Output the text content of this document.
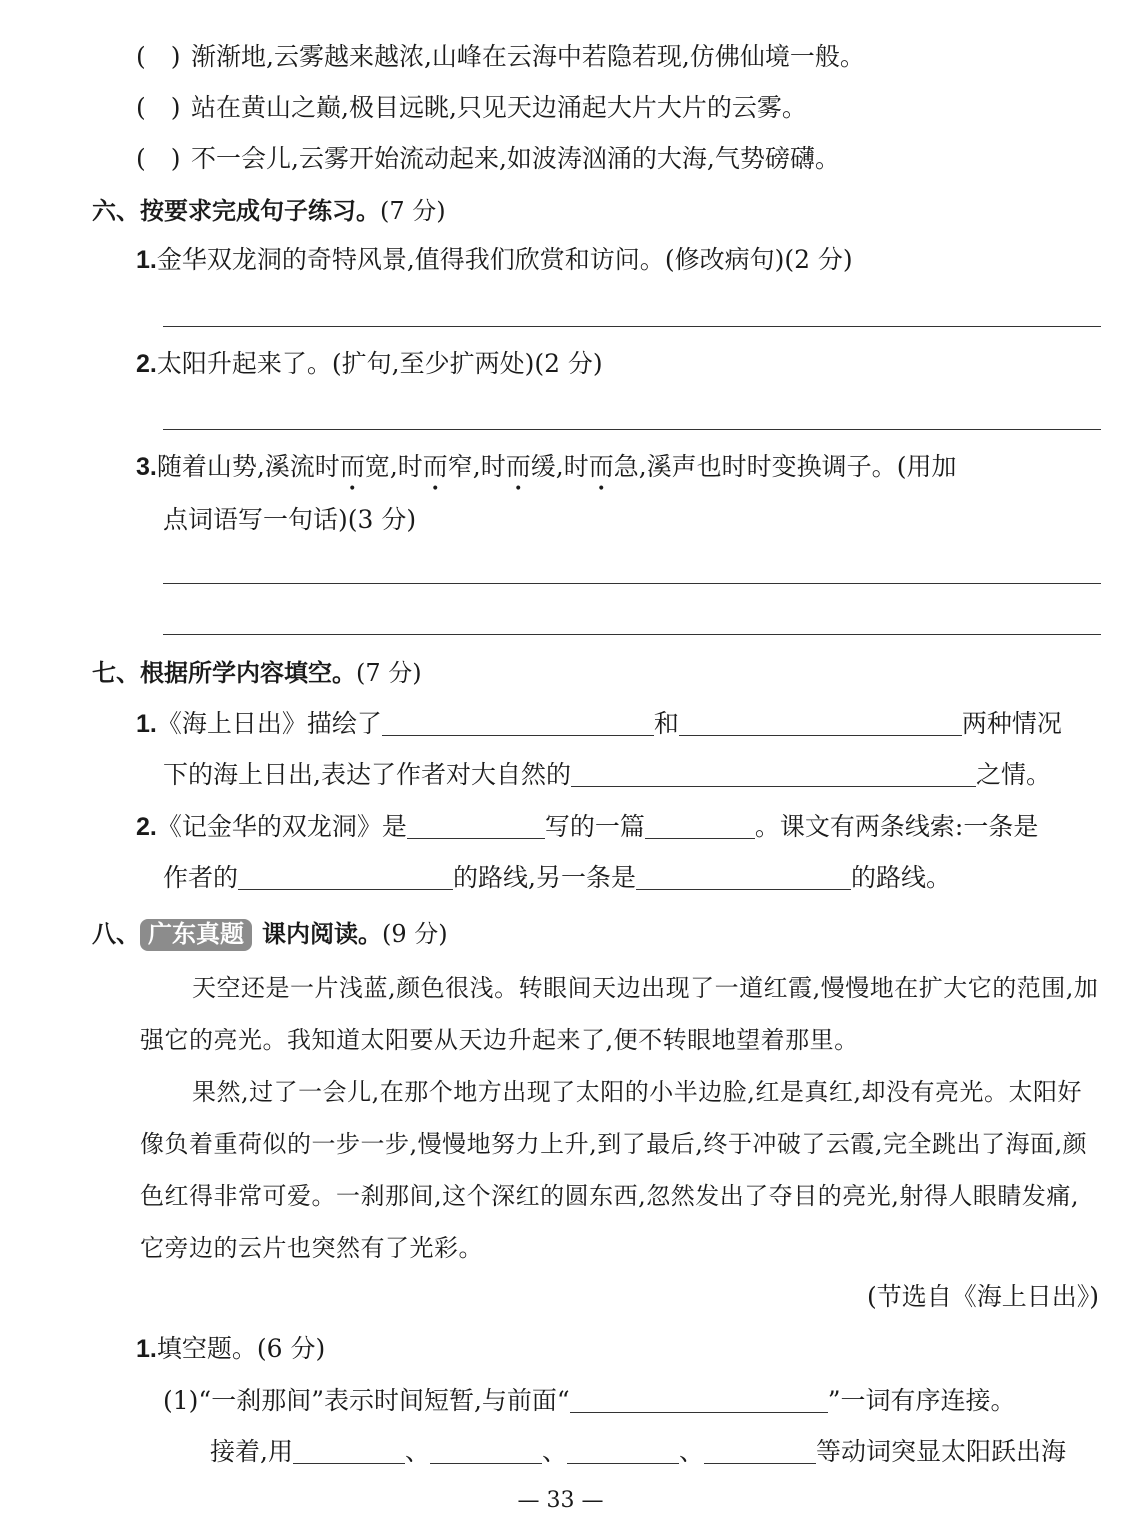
(　) 渐渐地,云雾越来越浓,山峰在云海中若隐若现,仿佛仙境一般。
(　) 站在黄山之巅,极目远眺,只见天边涌起大片大片的云雾。
(　) 不一会儿,云雾开始流动起来,如波涛汹涌的大海,气势磅礴。
六、按要求完成句子练习。(7 分)
1.金华双龙洞的奇特风景,值得我们欣赏和访问。(修改病句)(2 分)
2.太阳升起来了。(扩句,至少扩两处)(2 分)
3.随着山势,溪流时而宽,时而窄,时而缓,时而急,溪声也时时变换调子。(用加
点词语写一句话)(3 分)
七、根据所学内容填空。(7 分)
1.《海上日出》描绘了	和	两种情况
下的海上日出,表达了作者对大自然的	之情。
2.《记金华的双龙洞》是	写的一篇	。课文有两条线索:一条是
作者的	的路线,另一条是	的路线。
八、 广东真题 课内阅读。(9 分)
天空还是一片浅蓝,颜色很浅。转眼间天边出现了一道红霞,慢慢地在扩大它的范围,加强它的亮光。我知道太阳要从天边升起来了,便不转眼地望着那里。
果然,过了一会儿,在那个地方出现了太阳的小半边脸,红是真红,却没有亮光。太阳好像负着重荷似的一步一步,慢慢地努力上升,到了最后,终于冲破了云霞,完全跳出了海面,颜色红得非常可爱。一刹那间,这个深红的圆东西,忽然发出了夺目的亮光,射得人眼睛发痛,它旁边的云片也突然有了光彩。
(节选自《海上日出》)
1.填空题。(6 分)
(1)“一刹那间”表示时间短暂,与前面“	”一词有序连接。
接着,用	、	、	、	等动词突显太阳跃出海
— 33 —
